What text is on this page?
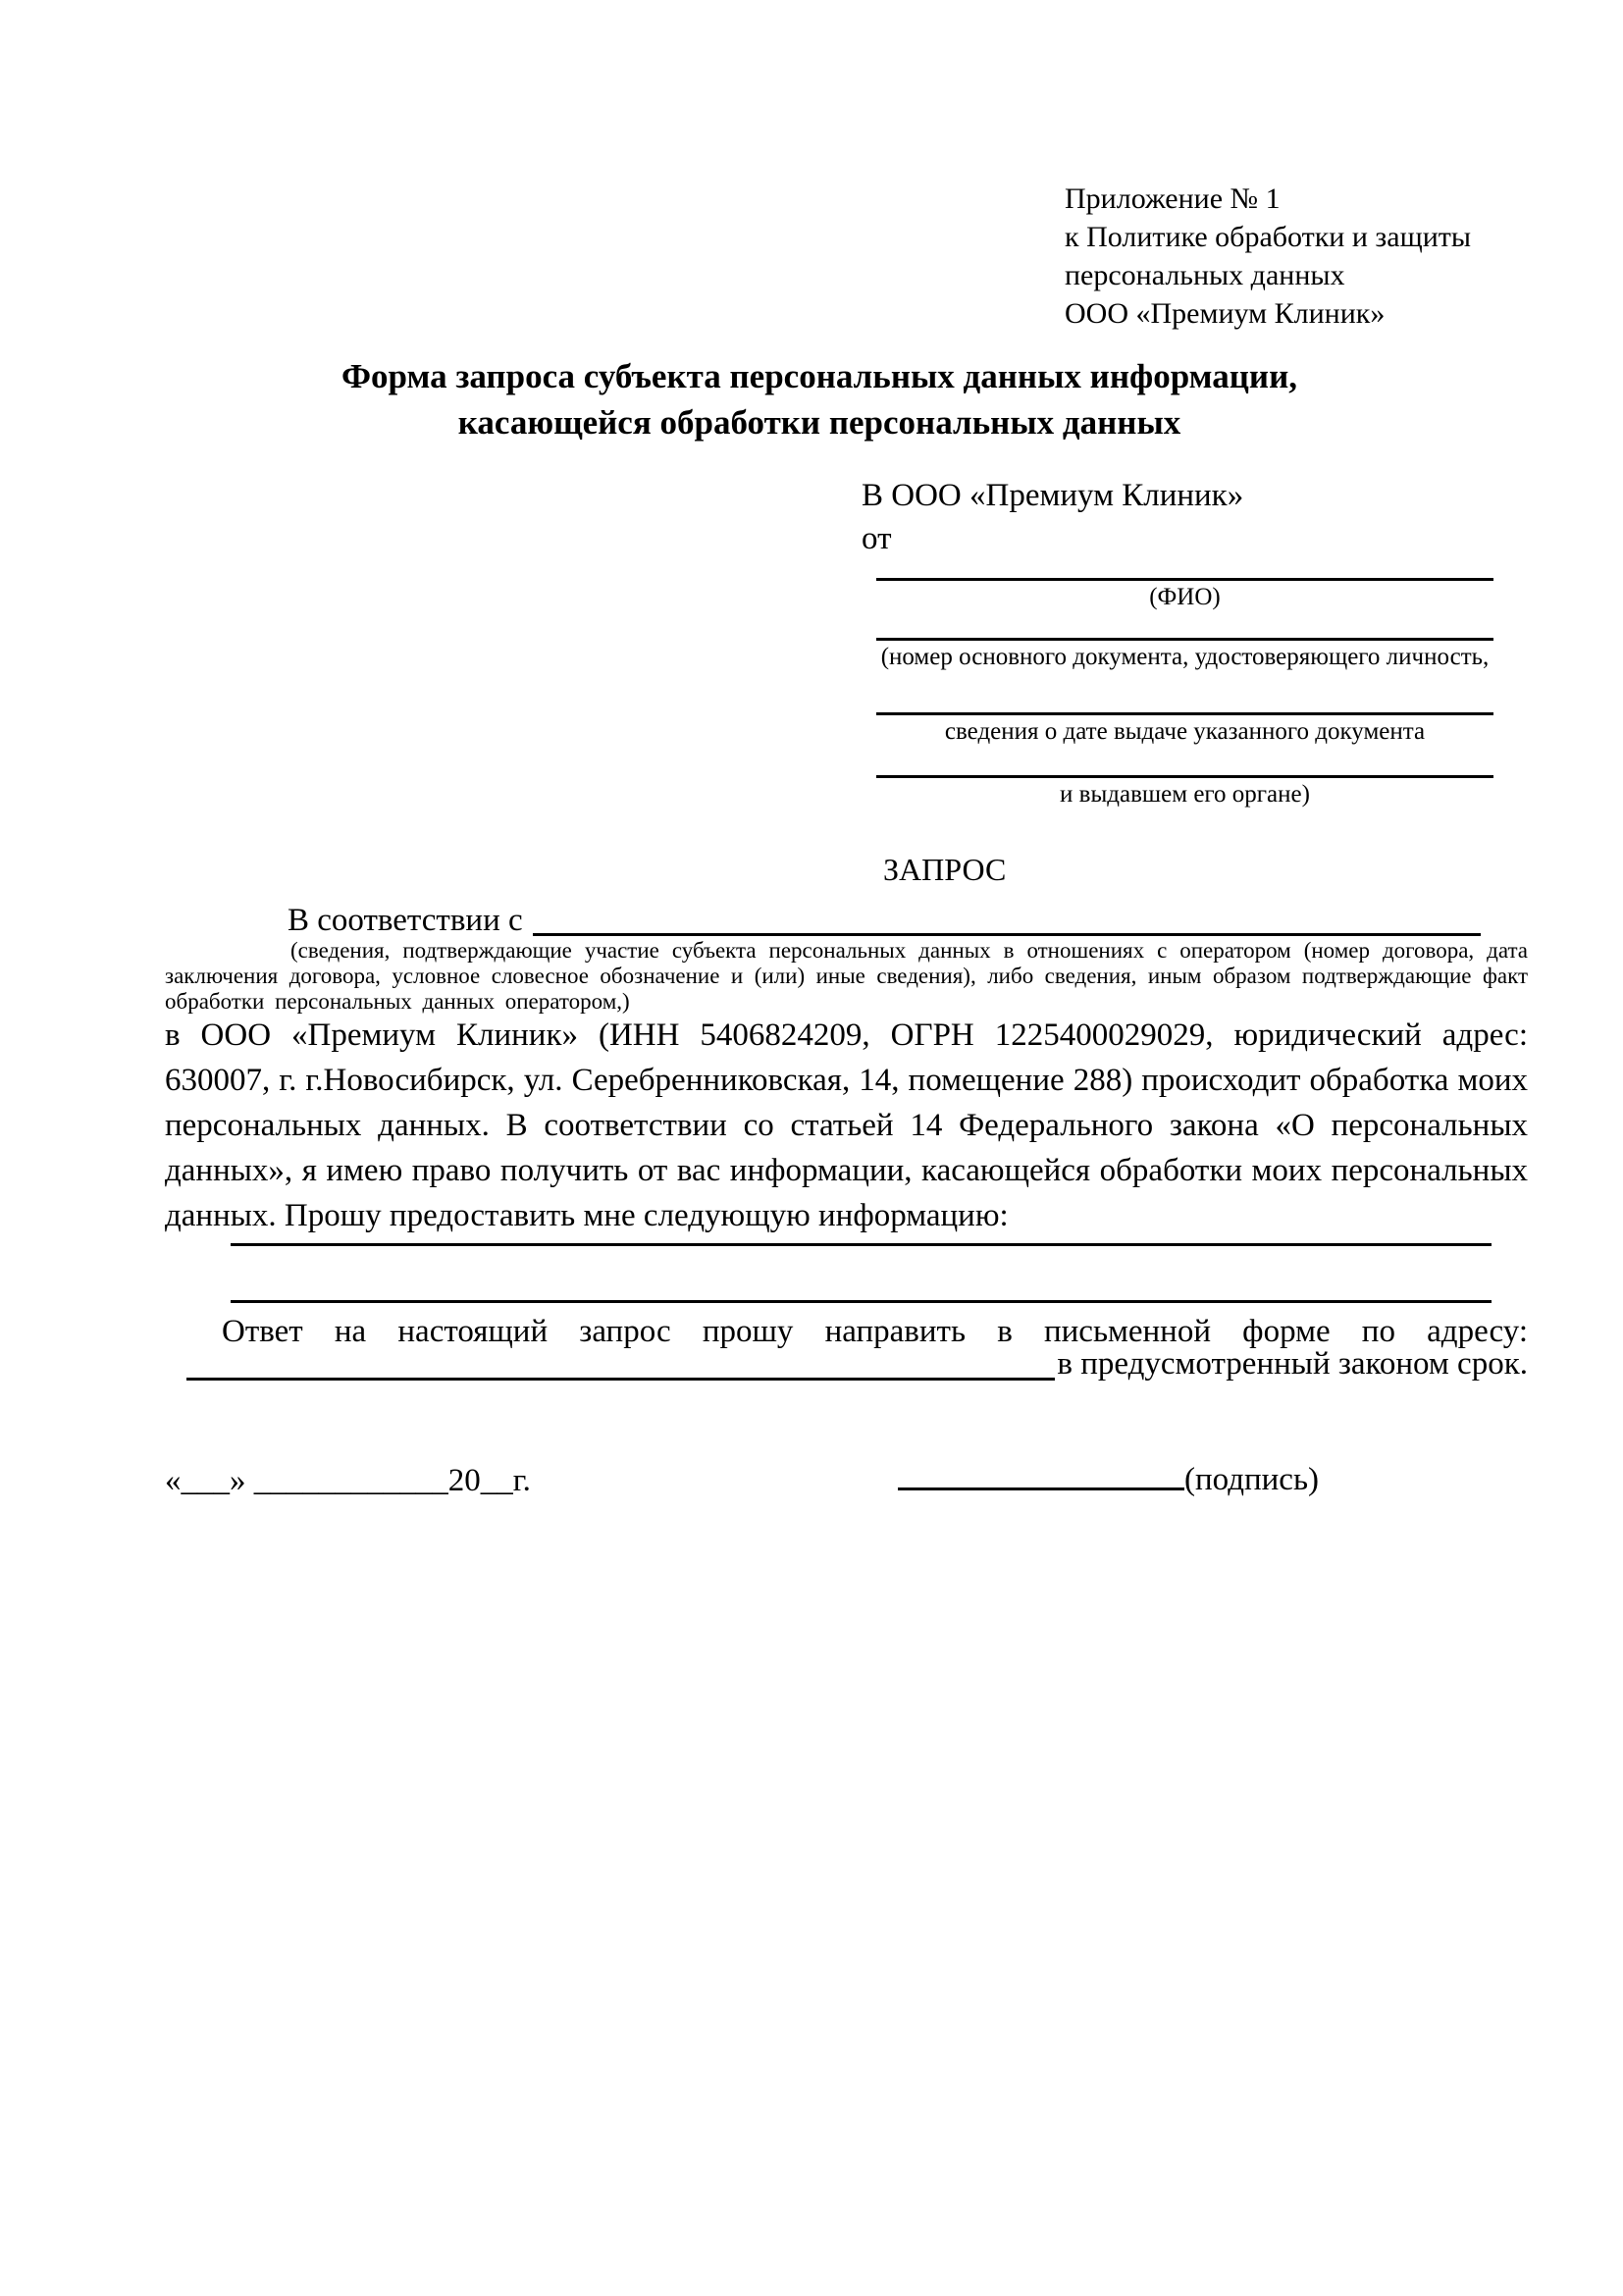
Приложение № 1
к Политике обработки и защиты
персональных данных
ООО «Премиум Клиник»
Форма запроса субъекта персональных данных информации,
касающейся обработки персональных данных
В ООО «Премиум Клиник»
от
(ФИО)
(номер основного документа, удостоверяющего личность,
сведения о дате выдаче указанного документа
и выдавшем его органе)
ЗАПРОС
В соответствии с
(сведения, подтверждающие участие субъекта персональных данных в отношениях с оператором (номер договора, дата заключения договора, условное словесное обозначение и (или) иные сведения), либо сведения, иным образом подтверждающие факт обработки персональных данных оператором,)
в ООО «Премиум Клиник» (ИНН 5406824209, ОГРН 1225400029029, юридический адрес: 630007, г. г.Новосибирск, ул. Серебренниковская, 14, помещение 288) происходит обработка моих персональных данных. В соответствии со статьей 14 Федерального закона «О персональных данных», я имею право получить от вас информации, касающейся обработки моих персональных данных. Прошу предоставить мне следующую информацию:
Ответ на настоящий запрос прошу направить в письменной форме по адресу:
в предусмотренный законом срок.
«___» ____________20__г.	(подпись)
